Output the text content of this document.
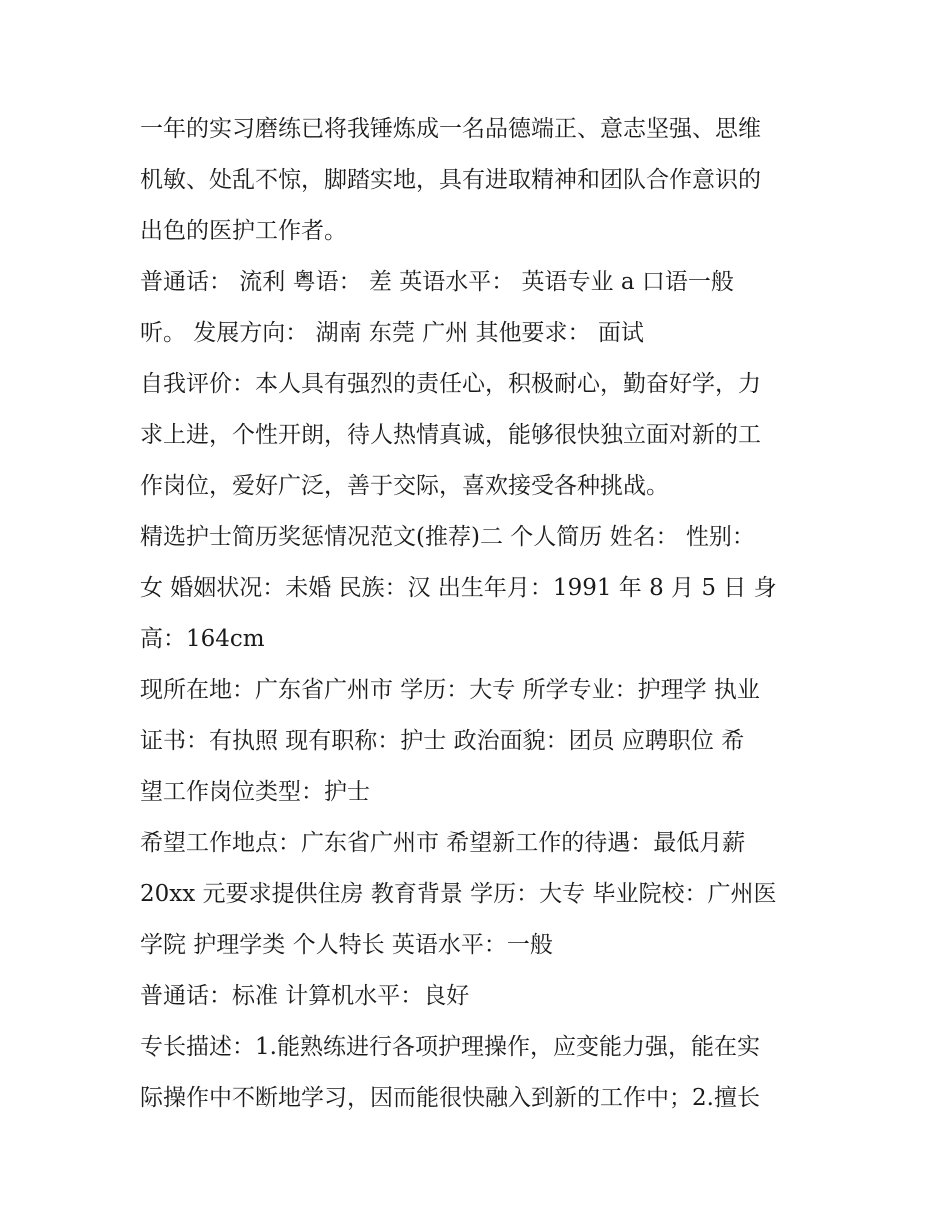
一年的实习磨练已将我锤炼成一名品德端正、意志坚强、思维
机敏、处乱不惊，脚踏实地，具有进取精神和团队合作意识的
出色的医护工作者。
普通话： 流利 粤语： 差 英语水平： 英语专业 a 口语一般
听。 发展方向： 湖南 东莞 广州 其他要求： 面试
自我评价：本人具有强烈的责任心，积极耐心，勤奋好学，力
求上进，个性开朗，待人热情真诚，能够很快独立面对新的工
作岗位，爱好广泛，善于交际，喜欢接受各种挑战。
精选护士简历奖惩情况范文(推荐)二 个人简历 姓名： 性别：
女 婚姻状况：未婚 民族：汉 出生年月：1991 年 8 月 5 日 身
高：164cm
现所在地：广东省广州市 学历：大专 所学专业：护理学 执业
证书：有执照 现有职称：护士 政治面貌：团员 应聘职位 希
望工作岗位类型：护士
希望工作地点：广东省广州市 希望新工作的待遇：最低月薪
20xx 元要求提供住房 教育背景 学历：大专 毕业院校：广州医
学院 护理学类 个人特长 英语水平：一般
普通话：标准 计算机水平：良好
专长描述：1.能熟练进行各项护理操作，应变能力强，能在实
际操作中不断地学习，因而能很快融入到新的工作中；2.擅长
